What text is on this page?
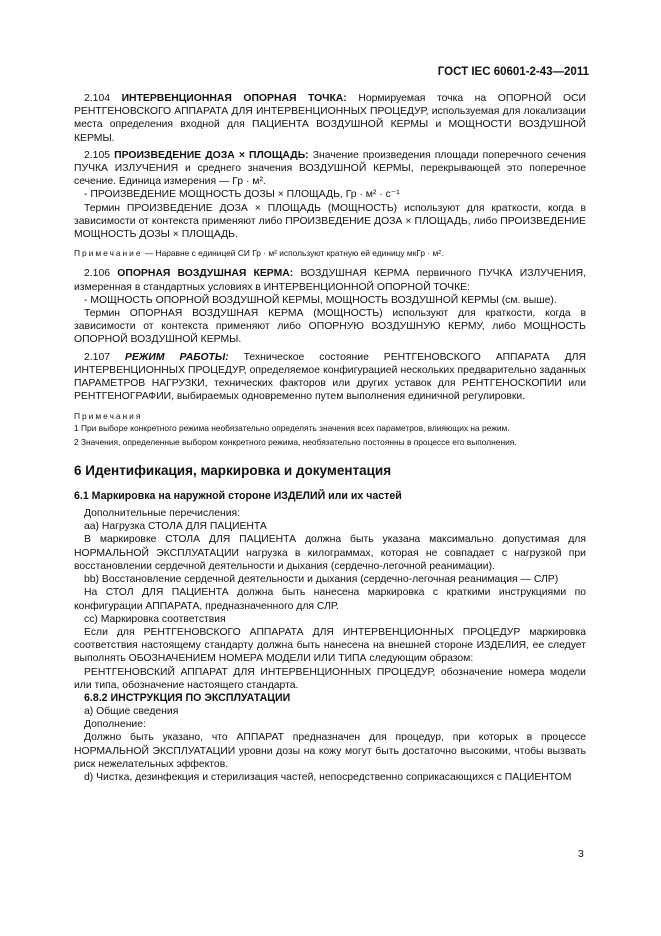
ГОСТ IEC 60601-2-43—2011

2.104 ИНТЕРВЕНЦИОННАЯ ОПОРНАЯ ТОЧКА: Нормируемая точка на ОПОРНОЙ ОСИ РЕНТГЕНОВСКОГО АППАРАТА ДЛЯ ИНТЕРВЕНЦИОННЫХ ПРОЦЕДУР, используемая для локализации места определения входной для ПАЦИЕНТА ВОЗДУШНОЙ КЕРМЫ и МОЩНОСТИ ВОЗДУШНОЙ КЕРМЫ.

2.105 ПРОИЗВЕДЕНИЕ ДОЗА × ПЛОЩАДЬ: Значение произведения площади поперечного сечения ПУЧКА ИЗЛУЧЕНИЯ и среднего значения ВОЗДУШНОЙ КЕРМЫ, перекрывающей это поперечное сечение. Единица измерения — Гр · м².

- ПРОИЗВЕДЕНИЕ МОЩНОСТЬ ДОЗЫ × ПЛОЩАДЬ, Гр · м² · с⁻¹

Термин ПРОИЗВЕДЕНИЕ ДОЗА × ПЛОЩАДЬ (МОЩНОСТЬ) используют для краткости, когда в зависимости от контекста применяют либо ПРОИЗВЕДЕНИЕ ДОЗА × ПЛОЩАДЬ, либо ПРОИЗВЕДЕНИЕ МОЩНОСТЬ ДОЗЫ × ПЛОЩАДЬ.

Примечание — Наравне с единицей СИ Гр · м² используют кратную ей единицу мкГр · м².

2.106 ОПОРНАЯ ВОЗДУШНАЯ КЕРМА: ВОЗДУШНАЯ КЕРМА первичного ПУЧКА ИЗЛУЧЕНИЯ, измеренная в стандартных условиях в ИНТЕРВЕНЦИОННОЙ ОПОРНОЙ ТОЧКЕ:

- МОЩНОСТЬ ОПОРНОЙ ВОЗДУШНОЙ КЕРМЫ, МОЩНОСТЬ ВОЗДУШНОЙ КЕРМЫ (см. выше).

Термин ОПОРНАЯ ВОЗДУШНАЯ КЕРМА (МОЩНОСТЬ) используют для краткости, когда в зависимости от контекста применяют либо ОПОРНУЮ ВОЗДУШНУЮ КЕРМУ, либо МОЩНОСТЬ ОПОРНОЙ ВОЗДУШНОЙ КЕРМЫ.

2.107 РЕЖИМ РАБОТЫ: Техническое состояние РЕНТГЕНОВСКОГО АППАРАТА ДЛЯ ИНТЕРВЕНЦИОННЫХ ПРОЦЕДУР, определяемое конфигурацией нескольких предварительно заданных ПАРАМЕТРОВ НАГРУЗКИ, технических факторов или других уставок для РЕНТГЕНОСКОПИИ или РЕНТГЕНОГРАФИИ, выбираемых одновременно путем выполнения единичной регулировки.

Примечания

1 При выборе конкретного режима необязательно определять значения всех параметров, влияющих на режим.

2 Значения, определенные выбором конкретного режима, необязательно постоянны в процессе его выполнения.

6 Идентификация, маркировка и документация
6.1 Маркировка на наружной стороне ИЗДЕЛИЙ или их частей

Дополнительные перечисления:

аа) Нагрузка СТОЛА ДЛЯ ПАЦИЕНТА

В маркировке СТОЛА ДЛЯ ПАЦИЕНТА должна быть указана максимально допустимая для НОРМАЛЬНОЙ ЭКСПЛУАТАЦИИ нагрузка в килограммах, которая не совпадает с нагрузкой при восстановлении сердечной деятельности и дыхания (сердечно-легочной реанимации).

bb) Восстановление сердечной деятельности и дыхания (сердечно-легочная реанимация — СЛР)

На СТОЛ ДЛЯ ПАЦИЕНТА должна быть нанесена маркировка с краткими инструкциями по конфигурации АППАРАТА, предназначенного для СЛР.

сс) Маркировка соответствия

Если для РЕНТГЕНОВСКОГО АППАРАТА ДЛЯ ИНТЕРВЕНЦИОННЫХ ПРОЦЕДУР маркировка соответствия настоящему стандарту должна быть нанесена на внешней стороне ИЗДЕЛИЯ, ее следует выполнять ОБОЗНАЧЕНИЕМ НОМЕРА МОДЕЛИ ИЛИ ТИПА следующим образом:

РЕНТГЕНОВСКИЙ АППАРАТ ДЛЯ ИНТЕРВЕНЦИОННЫХ ПРОЦЕДУР, обозначение номера модели или типа, обозначение настоящего стандарта.

6.8.2 ИНСТРУКЦИЯ ПО ЭКСПЛУАТАЦИИ

а) Общие сведения

Дополнение:

Должно быть указано, что АППАРАТ предназначен для процедур, при которых в процессе НОРМАЛЬНОЙ ЭКСПЛУАТАЦИИ уровни дозы на кожу могут быть достаточно высокими, чтобы вызвать риск нежелательных эффектов.

d) Чистка, дезинфекция и стерилизация частей, непосредственно соприкасающихся с ПАЦИЕНТОМ

3
